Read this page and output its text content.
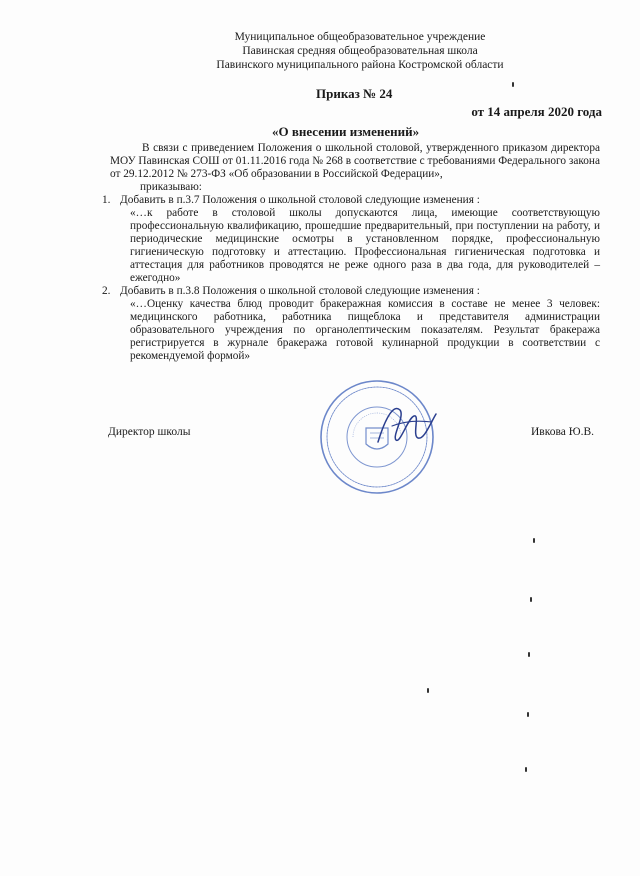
Муниципальное общеобразовательное учреждение
Павинская средняя общеобразовательная школа
Павинского муниципального района Костромской области
Приказ № 24
от 14 апреля 2020 года
«О внесении изменений»

В связи с приведением Положения о школьной столовой, утвержденного приказом директора МОУ Павинская СОШ от 01.11.2016 года № 268 в соответствие с требованиями Федерального закона от 29.12.2012 № 273-ФЗ «Об образовании в Российской Федерации»,

приказываю:

1. Добавить в п.3.7 Положения о школьной столовой следующие изменения :

«…к работе в столовой школы допускаются лица, имеющие соответствующую профессиональную квалификацию, прошедшие предварительный, при поступлении на работу, и периодические медицинские осмотры в установленном порядке, профессиональную гигиеническую подготовку и аттестацию. Профессиональная гигиеническая подготовка и аттестация для работников проводятся не реже одного раза в два года, для руководителей – ежегодно»

2. Добавить в п.3.8 Положения о школьной столовой следующие изменения :

«…Оценку качества блюд проводит бракеражная комиссия в составе не менее 3 человек: медицинского работника, работника пищеблока и представителя администрации образовательного учреждения по органолептическим показателям. Результат бракеража регистрируется в журнале бракеража готовой кулинарной продукции в соответствии с рекомендуемой формой»

Директор школы	Ивкова Ю.В.
